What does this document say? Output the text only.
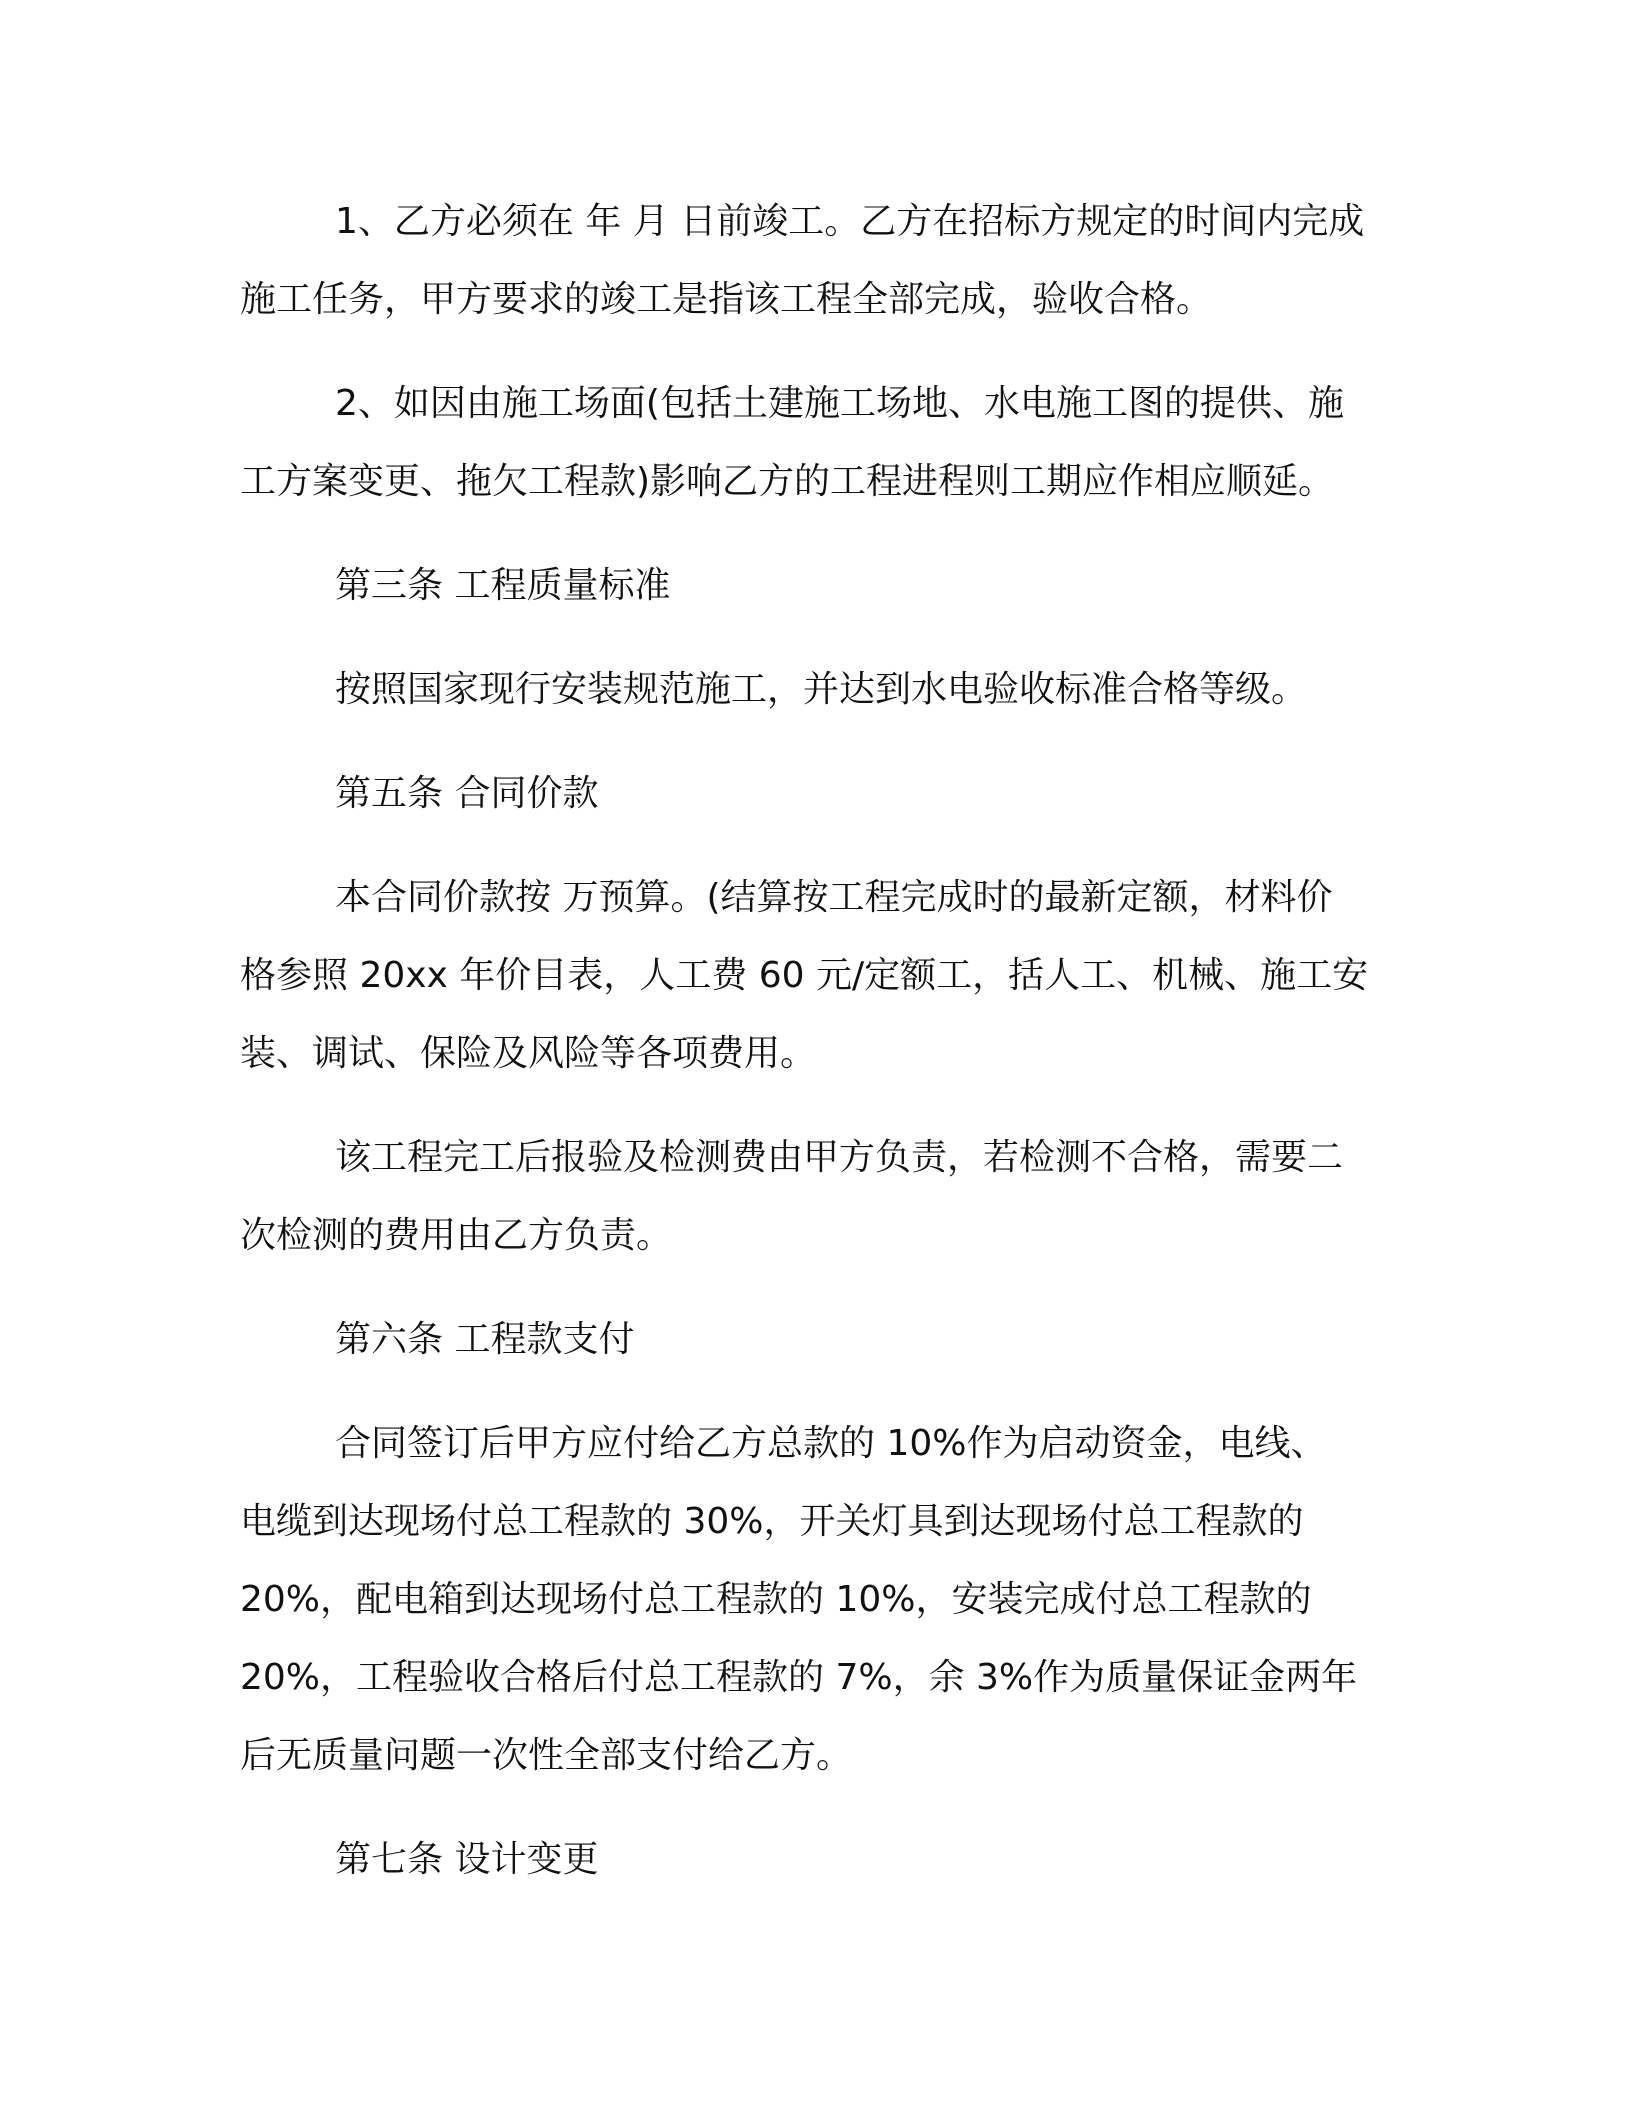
1、乙方必须在 年 月 日前竣工。乙方在招标方规定的时间内完成
施工任务，甲方要求的竣工是指该工程全部完成，验收合格。

2、如因由施工场面(包括土建施工场地、水电施工图的提供、施
工方案变更、拖欠工程款)影响乙方的工程进程则工期应作相应顺延。

第三条 工程质量标准

按照国家现行安装规范施工，并达到水电验收标准合格等级。

第五条 合同价款

本合同价款按 万预算。(结算按工程完成时的最新定额，材料价
格参照 20xx 年价目表，人工费 60 元/定额工，括人工、机械、施工安
装、调试、保险及风险等各项费用。

该工程完工后报验及检测费由甲方负责，若检测不合格，需要二
次检测的费用由乙方负责。

第六条 工程款支付

合同签订后甲方应付给乙方总款的 10%作为启动资金，电线、
电缆到达现场付总工程款的 30%，开关灯具到达现场付总工程款的
20%，配电箱到达现场付总工程款的 10%，安装完成付总工程款的
20%，工程验收合格后付总工程款的 7%，余 3%作为质量保证金两年
后无质量问题一次性全部支付给乙方。

第七条 设计变更
